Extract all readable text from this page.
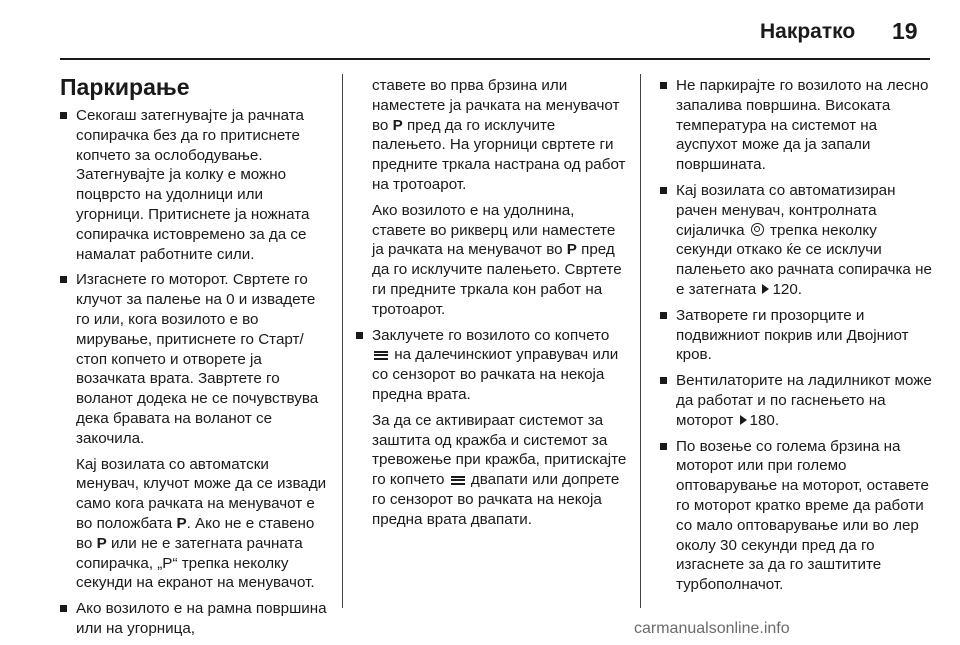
Накратко 19
Паркирање
Секогаш затегнувајте ја рачната сопирачка без да го притиснете копчето за ослободување. Затегнувајте ја колку е можно поцврсто на удолници или угорници. Притиснете ја ножната сопирачка истовремено за да се намалат работните сили.
Изгаснете го моторот. Свртете го клучот за палење на 0 и извадете го или, кога возилото е во мирување, притиснете го Старт/стоп копчето и отворете ја возачката врата. Завртете го воланот додека не се почувствува дека бравата на воланот се закочила.
Кај возилата со автоматски менувач, клучот може да се извади само кога рачката на менувачот е во положбата P. Ако не е ставено во P или не е затегната рачната сопирачка, „P“ трепка неколку секунди на екранот на менувачот.
Ако возилото е на рамна површина или на угорница,
ставете во прва брзина или наместете ја рачката на менувачот во P пред да го исклучите палењето. На угорници свртете ги предните тркала настрана од работ на тротоарот.
Ако возилото е на удолнина, ставете во рикверц или наместете ја рачката на менувачот во P пред да го исклучите палењето. Свртете ги предните тркала кон работ на тротоарот.
Заклучете го возилото со копчето  на далечинскиот управувач или со сензорот во рачката на некоја предна врата.
За да се активираат системот за заштита од кражба и системот за тревожење при кражба, притискајте го копчето  двапати или допрете го сензорот во рачката на некоја предна врата двапати.
Не паркирајте го возилото на лесно запалива површина. Високата температура на системот на ауспухот може да ја запали површината.
Кај возилата со автоматизиран рачен менувач, контролната сијаличка  трепка неколку секунди откако ќе се исклучи палењето ако рачната сопирачка не е затегната 120.
Затворете ги прозорците и подвижниот покрив или Двојниот кров.
Вентилаторите на ладилникот може да работат и по гаснењето на моторот 180.
По возење со голема брзина на моторот или при големо оптоварување на моторот, оставете го моторот кратко време да работи со мало оптоварување или во лер околу 30 секунди пред да го изгаснете за да го заштитите турбополначот.
carmanualsonline.info
